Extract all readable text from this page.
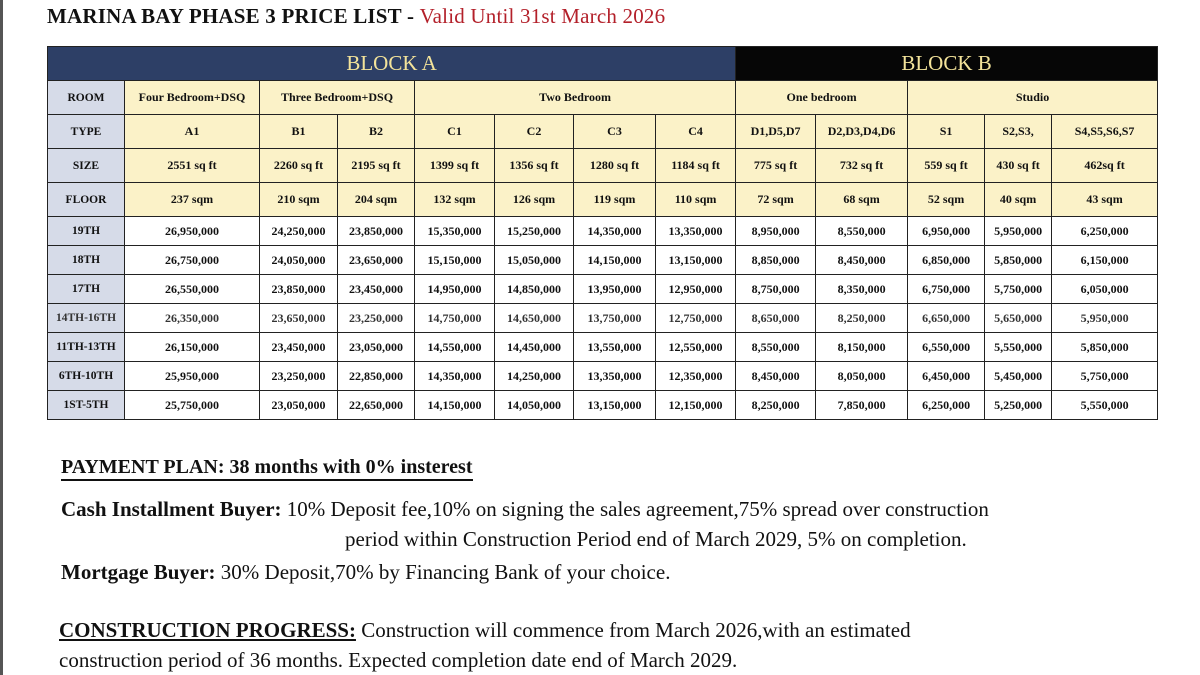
MARINA BAY PHASE 3 PRICE LIST - Valid Until 31st March 2026
BLOCK A								BLOCK B				
ROOM	Four Bedroom+DSQ	Three Bedroom+DSQ		Two Bedroom				One bedroom		Studio		
TYPE	A1	B1	B2	C1	C2	C3	C4	D1,D5,D7	D2,D3,D4,D6	S1	S2,S3,	S4,S5,S6,S7
SIZE	2551 sq ft	2260 sq ft	2195 sq ft	1399 sq ft	1356 sq ft	1280 sq ft	1184 sq ft	775 sq ft	732 sq ft	559 sq ft	430 sq ft	462sq ft
FLOOR	237 sqm	210 sqm	204 sqm	132 sqm	126 sqm	119 sqm	110 sqm	72 sqm	68 sqm	52 sqm	40 sqm	43 sqm
19TH	26,950,000	24,250,000	23,850,000	15,350,000	15,250,000	14,350,000	13,350,000	8,950,000	8,550,000	6,950,000	5,950,000	6,250,000
18TH	26,750,000	24,050,000	23,650,000	15,150,000	15,050,000	14,150,000	13,150,000	8,850,000	8,450,000	6,850,000	5,850,000	6,150,000
17TH	26,550,000	23,850,000	23,450,000	14,950,000	14,850,000	13,950,000	12,950,000	8,750,000	8,350,000	6,750,000	5,750,000	6,050,000
14TH-16TH	26,350,000	23,650,000	23,250,000	14,750,000	14,650,000	13,750,000	12,750,000	8,650,000	8,250,000	6,650,000	5,650,000	5,950,000
11TH-13TH	26,150,000	23,450,000	23,050,000	14,550,000	14,450,000	13,550,000	12,550,000	8,550,000	8,150,000	6,550,000	5,550,000	5,850,000
6TH-10TH	25,950,000	23,250,000	22,850,000	14,350,000	14,250,000	13,350,000	12,350,000	8,450,000	8,050,000	6,450,000	5,450,000	5,750,000
1ST-5TH	25,750,000	23,050,000	22,650,000	14,150,000	14,050,000	13,150,000	12,150,000	8,250,000	7,850,000	6,250,000	5,250,000	5,550,000
PAYMENT PLAN: 38 months with 0% insterest
Cash Installment Buyer: 10% Deposit fee,10% on signing the sales agreement,75% spread over construction
period within Construction Period end of March 2029, 5% on completion.
Mortgage Buyer: 30% Deposit,70% by Financing Bank of your choice.
CONSTRUCTION PROGRESS: Construction will commence from March 2026,with an estimated
construction period of 36 months. Expected completion date end of March 2029.
